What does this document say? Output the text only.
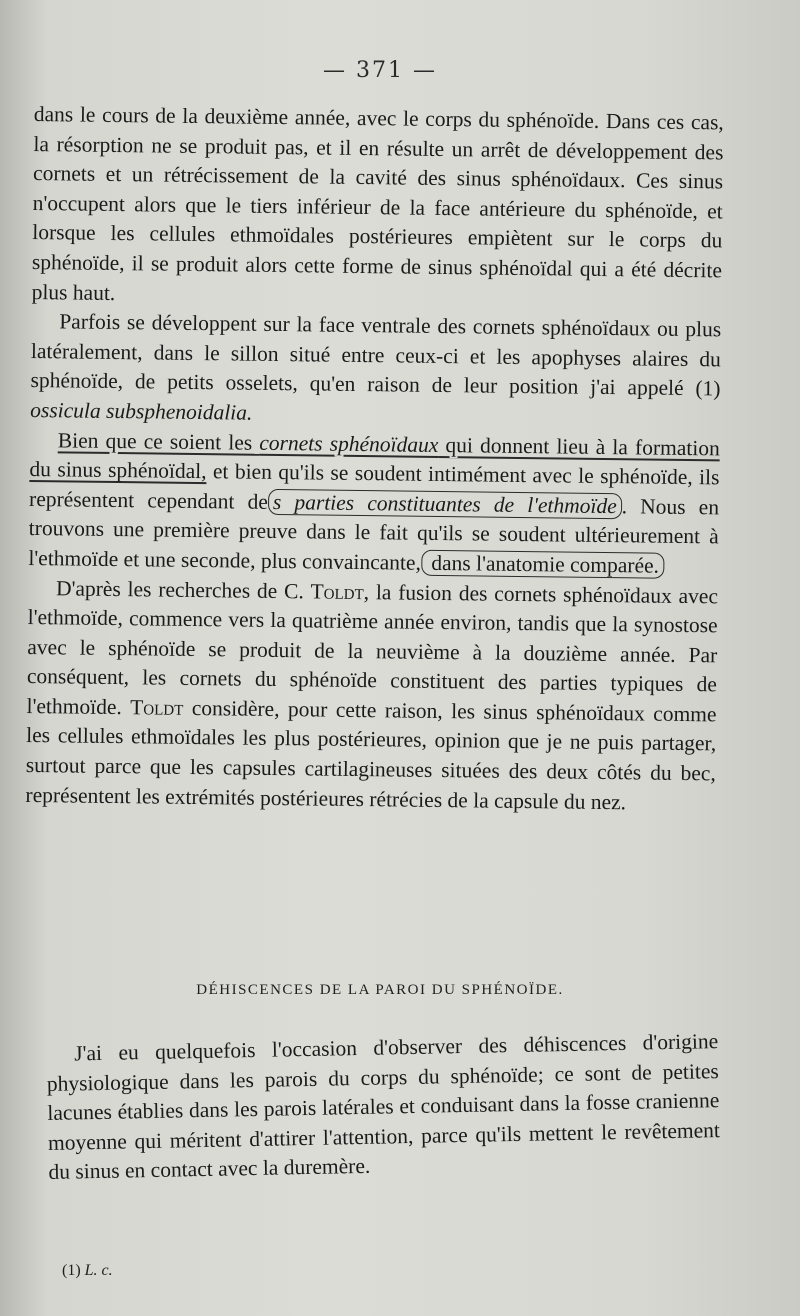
— 371 —

dans le cours de la deuxième année, avec le corps du sphénoïde. Dans ces cas, la résorption ne se produit pas, et il en résulte un arrêt de développement des cornets et un rétrécissement de la cavité des sinus sphénoïdaux. Ces sinus n'occupent alors que le tiers inférieur de la face antérieure du sphénoïde, et lorsque les cellules ethmoïdales postérieures empiètent sur le corps du sphénoïde, il se produit alors cette forme de sinus sphénoïdal qui a été décrite plus haut.

Parfois se développent sur la face ventrale des cornets sphénoïdaux ou plus latéralement, dans le sillon situé entre ceux-ci et les apophyses alaires du sphénoïde, de petits osselets, qu'en raison de leur position j'ai appelé (1) ossicula subsphenoidalia.

Bien que ce soient les cornets sphénoïdaux qui donnent lieu à la formation du sinus sphénoïdal, et bien qu'ils se soudent intimément avec le sphénoïde, ils représentent cependant de s parties constituantes de l'ethmoïde . Nous en trouvons une première preuve dans le fait qu'ils se soudent ultérieurement à l'ethmoïde et une seconde, plus convaincante, dans l'anatomie comparée.

D'après les recherches de C. Toldt, la fusion des cornets sphénoïdaux avec l'ethmoïde, commence vers la quatrième année environ, tandis que la synostose avec le sphénoïde se produit de la neuvième à la douzième année. Par conséquent, les cornets du sphénoïde constituent des parties typiques de l'ethmoïde. Toldt considère, pour cette raison, les sinus sphénoïdaux comme les cellules ethmoïdales les plus postérieures, opinion que je ne puis partager, surtout parce que les capsules cartilagineuses situées des deux côtés du bec, représentent les extrémités postérieures rétrécies de la capsule du nez.

DÉHISCENCES DE LA PAROI DU SPHÉNOÏDE.

J'ai eu quelquefois l'occasion d'observer des déhiscences d'origine physiologique dans les parois du corps du sphénoïde; ce sont de petites lacunes établies dans les parois latérales et conduisant dans la fosse cranienne moyenne qui méritent d'attirer l'attention, parce qu'ils mettent le revêtement du sinus en contact avec la duremère.

(1) L. c.
